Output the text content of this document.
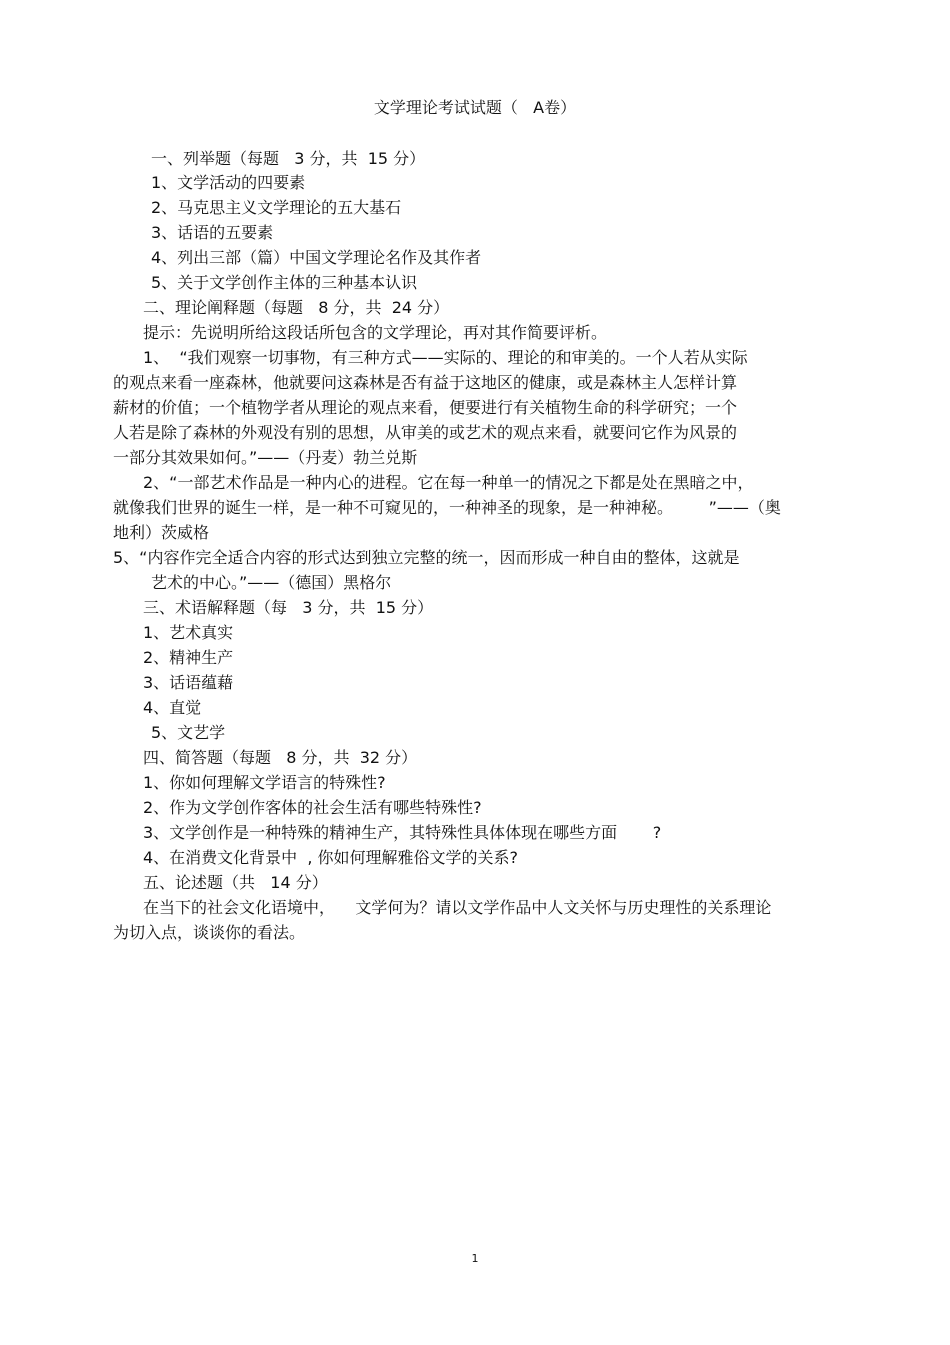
文学理论考试试题（   A卷）
一、列举题（每题   3 分，共  15 分）
1、文学活动的四要素
2、马克思主义文学理论的五大基石
3、话语的五要素
4、列出三部（篇）中国文学理论名作及其作者
5、关于文学创作主体的三种基本认识
二、理论阐释题（每题   8 分，共  24 分）
提示：先说明所给这段话所包含的文学理论，再对其作简要评析。
1、  “我们观察一切事物，有三种方式——实际的、理论的和审美的。一个人若从实际
的观点来看一座森林，他就要问这森林是否有益于这地区的健康，或是森林主人怎样计算
薪材的价值；一个植物学者从理论的观点来看，便要进行有关植物生命的科学研究；一个
人若是除了森林的外观没有别的思想，从审美的或艺术的观点来看，就要问它作为风景的
一部分其效果如何。”——（丹麦）勃兰兑斯
2、“一部艺术作品是一种内心的进程。它在每一种单一的情况之下都是处在黑暗之中，
就像我们世界的诞生一样，是一种不可窥见的，一种神圣的现象，是一种神秘。       ”——（奥
地利）茨威格
5、“内容作完全适合内容的形式达到独立完整的统一，因而形成一种自由的整体，这就是
艺术的中心。”——（德国）黑格尔
三、术语解释题（每   3 分，共  15 分）
1、艺术真实
2、精神生产
3、话语蕴藉
4、直觉
5、文艺学
四、简答题（每题   8 分，共  32 分）
1、你如何理解文学语言的特殊性?
2、作为文学创作客体的社会生活有哪些特殊性?
3、文学创作是一种特殊的精神生产，其特殊性具体体现在哪些方面       ?
4、在消费文化背景中  , 你如何理解雅俗文学的关系?
五、论述题（共   14 分）
在当下的社会文化语境中，    文学何为？请以文学作品中人文关怀与历史理性的关系理论
为切入点，谈谈你的看法。
1
